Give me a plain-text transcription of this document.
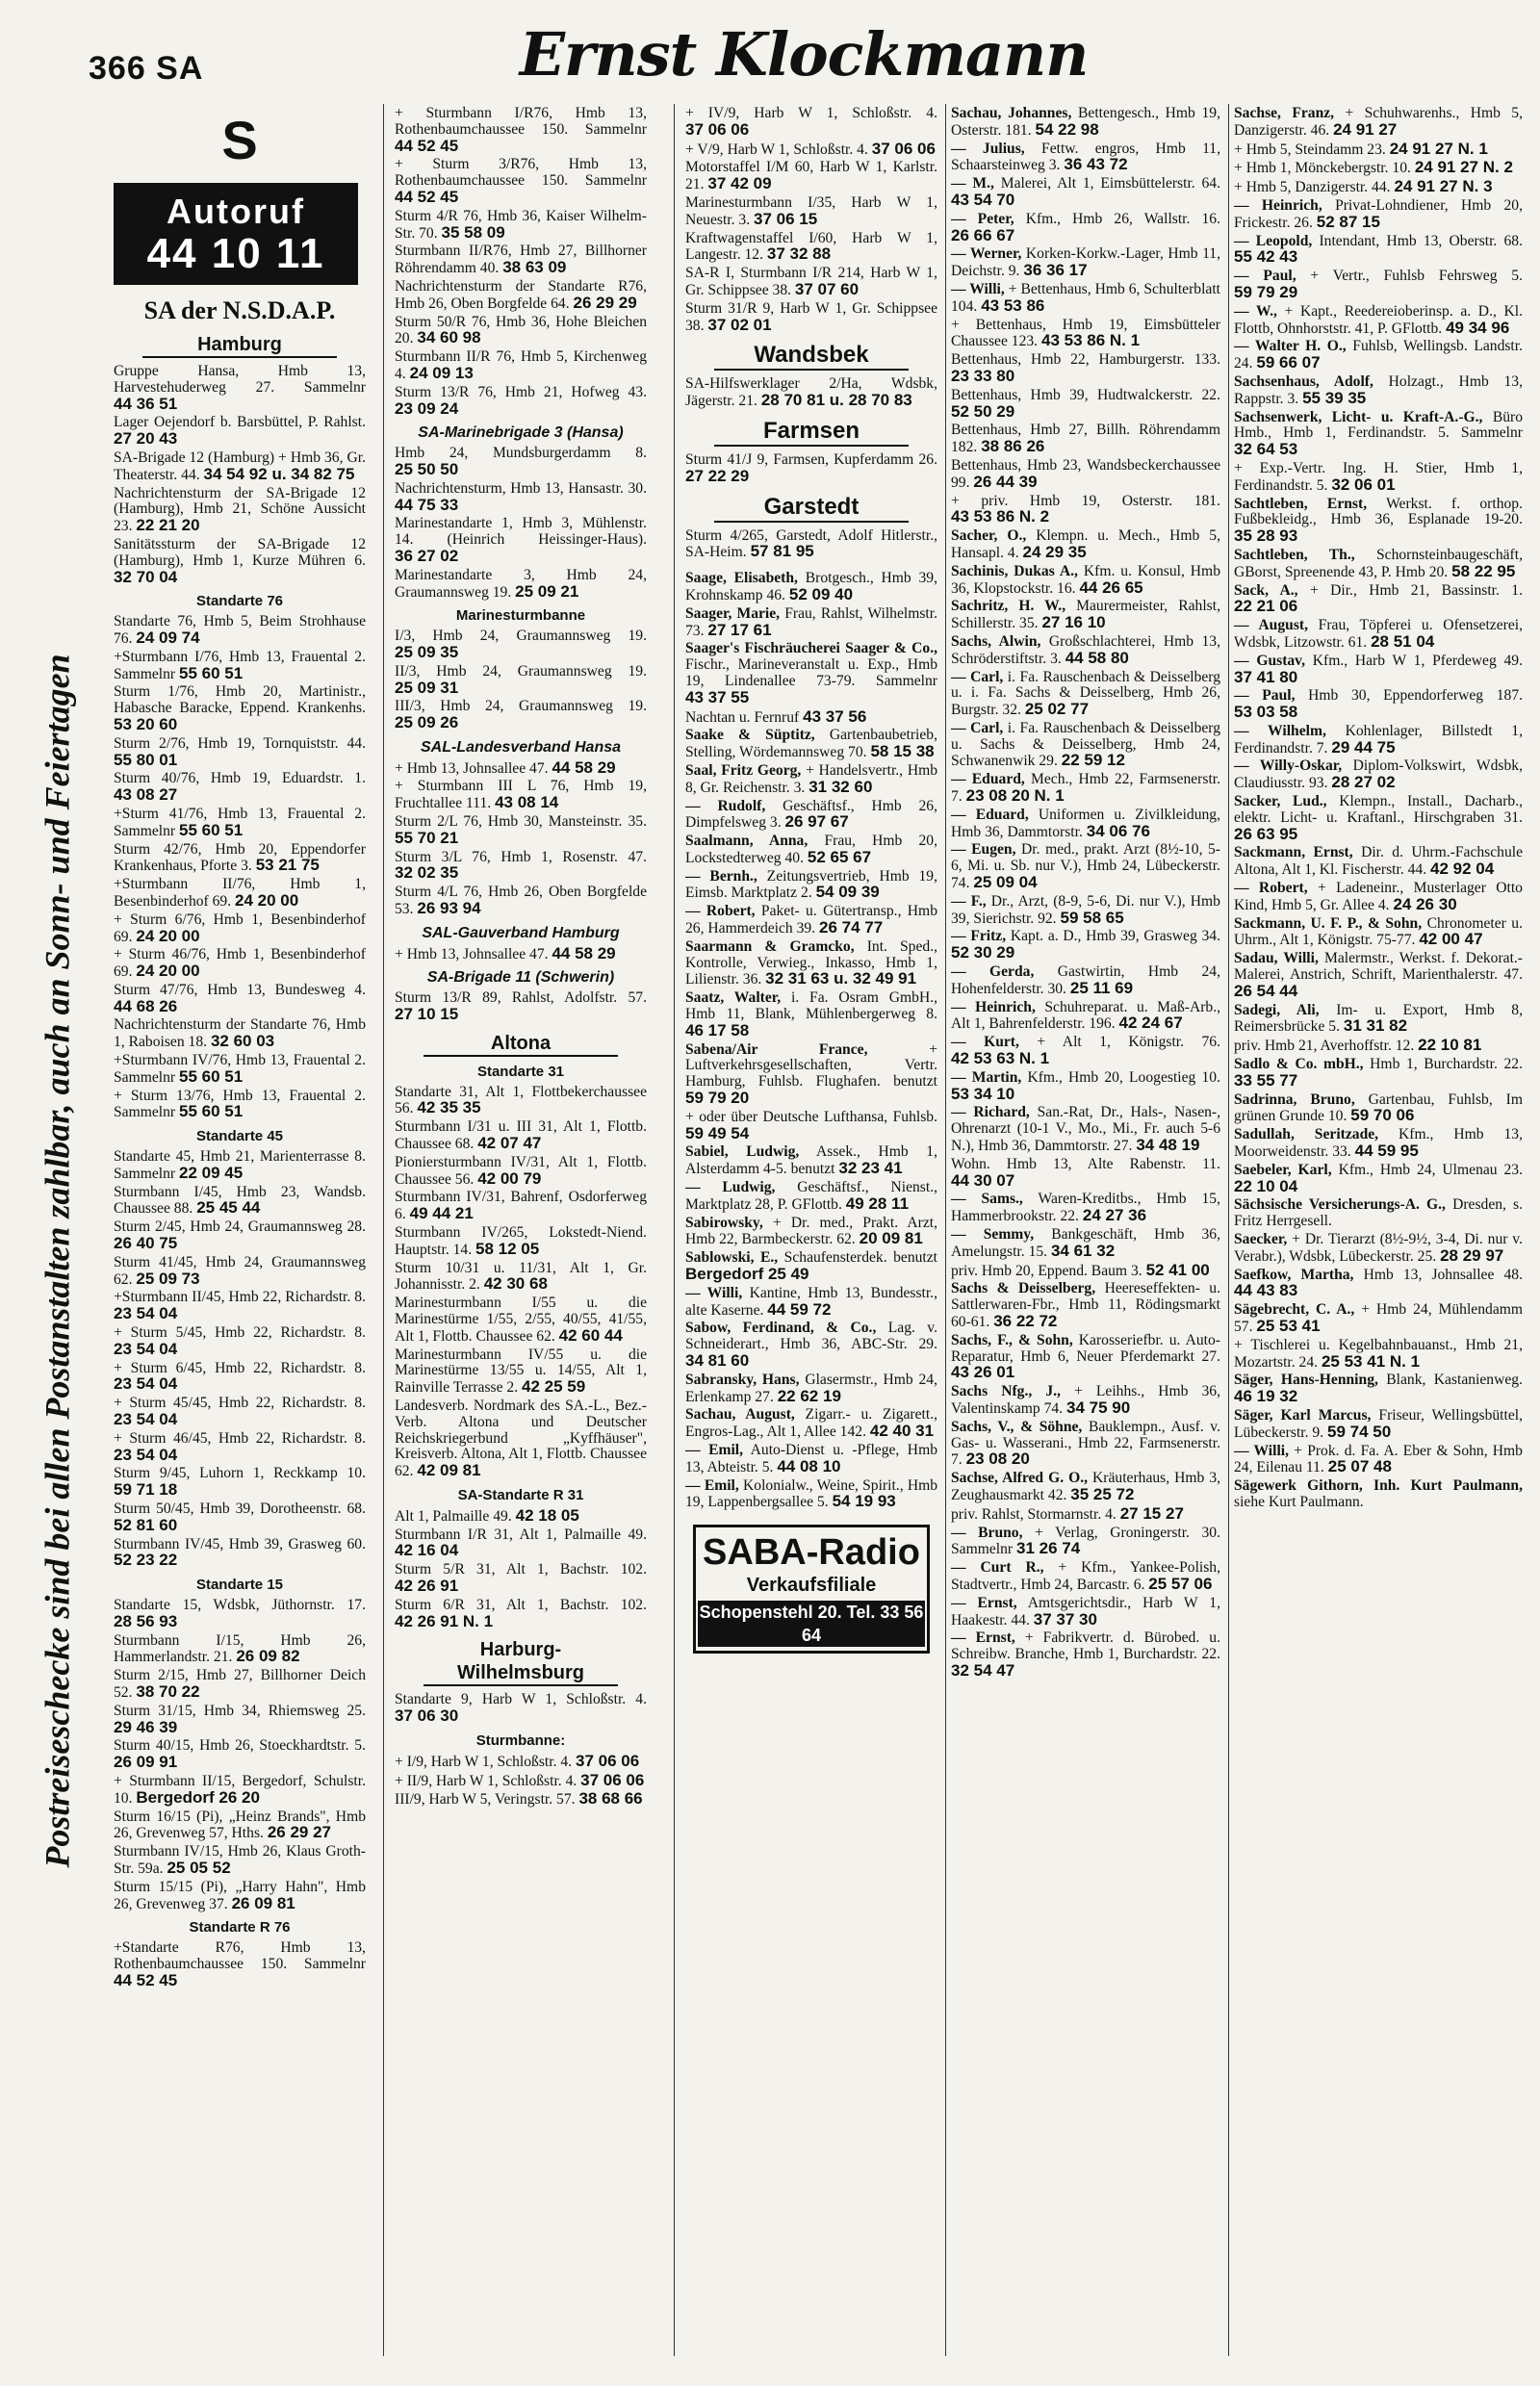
366 SA	Ernst Klockmann
Postreiseschecke sind bei allen Postanstalten zahlbar, auch an Sonn- und Feiertagen
S
Autoruf
44 10 11
SA der N.S.D.A.P.
Hamburg
Gruppe Hansa, Hmb 13, Harvestehuderweg 27. Sammelnr 44 36 51
Lager Oejendorf b. Barsbüttel, P. Rahlst. 27 20 43
SA-Brigade 12 (Hamburg) + Hmb 36, Gr. Theaterstr. 44. 34 54 92 u. 34 82 75
Nachrichtensturm der SA-Brigade 12 (Hamburg), Hmb 21, Schöne Aussicht 23. 22 21 20
Sanitätssturm der SA-Brigade 12 (Hamburg), Hmb 1, Kurze Mühren 6. 32 70 04
Standarte 76
Standarte 76, Hmb 5, Beim Strohhause 76. 24 09 74
+Sturmbann I/76, Hmb 13, Frauental 2. Sammelnr 55 60 51
Sturm 1/76, Hmb 20, Martinistr., Habasche Baracke, Eppend. Krankenhs. 53 20 60
Sturm 2/76, Hmb 19, Tornquiststr. 44. 55 80 01
Sturm 40/76, Hmb 19, Eduardstr. 1. 43 08 27
+Sturm 41/76, Hmb 13, Frauental 2. Sammelnr 55 60 51
Sturm 42/76, Hmb 20, Eppendorfer Krankenhaus, Pforte 3. 53 21 75
+Sturmbann II/76, Hmb 1, Besenbinderhof 69. 24 20 00
+ Sturm 6/76, Hmb 1, Besenbinderhof 69. 24 20 00
+ Sturm 46/76, Hmb 1, Besenbinderhof 69. 24 20 00
Sturm 47/76, Hmb 13, Bundesweg 4. 44 68 26
Nachrichtensturm der Standarte 76, Hmb 1, Raboisen 18. 32 60 03
+Sturmbann IV/76, Hmb 13, Frauental 2. Sammelnr 55 60 51
+ Sturm 13/76, Hmb 13, Frauental 2. Sammelnr 55 60 51
Standarte 45
Standarte 45, Hmb 21, Marienterrasse 8. Sammelnr 22 09 45
Sturmbann I/45, Hmb 23, Wandsb. Chaussee 88. 25 45 44
Sturm 2/45, Hmb 24, Graumannsweg 28. 26 40 75
Sturm 41/45, Hmb 24, Graumannsweg 62. 25 09 73
+Sturmbann II/45, Hmb 22, Richardstr. 8. 23 54 04
+ Sturm 5/45, Hmb 22, Richardstr. 8. 23 54 04
+ Sturm 6/45, Hmb 22, Richardstr. 8. 23 54 04
+ Sturm 45/45, Hmb 22, Richardstr. 8. 23 54 04
+ Sturm 46/45, Hmb 22, Richardstr. 8. 23 54 04
Sturm 9/45, Luhorn 1, Reckkamp 10. 59 71 18
Sturm 50/45, Hmb 39, Dorotheenstr. 68. 52 81 60
Sturmbann IV/45, Hmb 39, Grasweg 60. 52 23 22
Standarte 15
Standarte 15, Wdsbk, Jüthornstr. 17. 28 56 93
Sturmbann I/15, Hmb 26, Hammerlandstr. 21. 26 09 82
Sturm 2/15, Hmb 27, Billhorner Deich 52. 38 70 22
Sturm 31/15, Hmb 34, Rhiemsweg 25. 29 46 39
Sturm 40/15, Hmb 26, Stoeckhardtstr. 5. 26 09 91
+ Sturmbann II/15, Bergedorf, Schulstr. 10. Bergedorf 26 20
Sturm 16/15 (Pi), „Heinz Brands", Hmb 26, Grevenweg 57, Hths. 26 29 27
Sturmbann IV/15, Hmb 26, Klaus Groth-Str. 59a. 25 05 52
Sturm 15/15 (Pi), „Harry Hahn", Hmb 26, Grevenweg 37. 26 09 81
Standarte R 76
+Standarte R76, Hmb 13, Rothenbaumchaussee 150. Sammelnr 44 52 45
+ Sturmbann I/R76, Hmb 13, Rothenbaumchaussee 150. Sammelnr 44 52 45
+ Sturm 3/R76, Hmb 13, Rothenbaumchaussee 150. Sammelnr 44 52 45
Sturm 4/R 76, Hmb 36, Kaiser Wilhelm-Str. 70. 35 58 09
Sturmbann II/R76, Hmb 27, Billhorner Röhrendamm 40. 38 63 09
Nachrichtensturm der Standarte R76, Hmb 26, Oben Borgfelde 64. 26 29 29
Sturm 50/R 76, Hmb 36, Hohe Bleichen 20. 34 60 98
Sturmbann II/R 76, Hmb 5, Kirchenweg 4. 24 09 13
Sturm 13/R 76, Hmb 21, Hofweg 43. 23 09 24
SA-Marinebrigade 3 (Hansa)
Hmb 24, Mundsburgerdamm 8. 25 50 50
Nachrichtensturm, Hmb 13, Hansastr. 30. 44 75 33
Marinestandarte 1, Hmb 3, Mühlenstr. 14. (Heinrich Heissinger-Haus). 36 27 02
Marinestandarte 3, Hmb 24, Graumannsweg 19. 25 09 21
Marinesturmbanne
I/3, Hmb 24, Graumannsweg 19. 25 09 35
II/3, Hmb 24, Graumannsweg 19. 25 09 31
III/3, Hmb 24, Graumannsweg 19. 25 09 26
SAL-Landesverband Hansa
+ Hmb 13, Johnsallee 47. 44 58 29
+ Sturmbann III L 76, Hmb 19, Fruchtallee 111. 43 08 14
Sturm 2/L 76, Hmb 30, Mansteinstr. 35. 55 70 21
Sturm 3/L 76, Hmb 1, Rosenstr. 47. 32 02 35
Sturm 4/L 76, Hmb 26, Oben Borgfelde 53. 26 93 94
SAL-Gauverband Hamburg
+ Hmb 13, Johnsallee 47. 44 58 29
SA-Brigade 11 (Schwerin)
Sturm 13/R 89, Rahlst, Adolfstr. 57. 27 10 15
Altona
Standarte 31
Standarte 31, Alt 1, Flottbekerchaussee 56. 42 35 35
Sturmbann I/31 u. III 31, Alt 1, Flottb. Chaussee 68. 42 07 47
Pioniersturmbann IV/31, Alt 1, Flottb. Chaussee 56. 42 00 79
Sturmbann IV/31, Bahrenf, Osdorferweg 6. 49 44 21
Sturmbann IV/265, Lokstedt-Niend. Hauptstr. 14. 58 12 05
Sturm 10/31 u. 11/31, Alt 1, Gr. Johannisstr. 2. 42 30 68
Marinesturmbann I/55 u. die Marinestürme 1/55, 2/55, 40/55, 41/55, Alt 1, Flottb. Chaussee 62. 42 60 44
Marinesturmbann IV/55 u. die Marinestürme 13/55 u. 14/55, Alt 1, Rainville Terrasse 2. 42 25 59
Landesverb. Nordmark des SA.-L., Bez.-Verb. Altona und Deutscher Reichskriegerbund „Kyffhäuser", Kreisverb. Altona, Alt 1, Flottb. Chaussee 62. 42 09 81
SA-Standarte R 31
Alt 1, Palmaille 49. 42 18 05
Sturmbann I/R 31, Alt 1, Palmaille 49. 42 16 04
Sturm 5/R 31, Alt 1, Bachstr. 102. 42 26 91
Sturm 6/R 31, Alt 1, Bachstr. 102. 42 26 91 N. 1
Harburg-Wilhelmsburg
Standarte 9, Harb W 1, Schloßstr. 4. 37 06 30
Sturmbanne:
+ I/9, Harb W 1, Schloßstr. 4. 37 06 06
+ II/9, Harb W 1, Schloßstr. 4. 37 06 06
III/9, Harb W 5, Veringstr. 57. 38 68 66
+ IV/9, Harb W 1, Schloßstr. 4. 37 06 06
+ V/9, Harb W 1, Schloßstr. 4. 37 06 06
Motorstaffel I/M 60, Harb W 1, Karlstr. 21. 37 42 09
Marinesturmbann I/35, Harb W 1, Neuestr. 3. 37 06 15
Kraftwagenstaffel I/60, Harb W 1, Langestr. 12. 37 32 88
SA-R I, Sturmbann I/R 214, Harb W 1, Gr. Schippsee 38. 37 07 60
Sturm 31/R 9, Harb W 1, Gr. Schippsee 38. 37 02 01
Wandsbek
SA-Hilfswerklager 2/Ha, Wdsbk, Jägerstr. 21. 28 70 81 u. 28 70 83
Farmsen
Sturm 41/J 9, Farmsen, Kupferdamm 26. 27 22 29
Garstedt
Sturm 4/265, Garstedt, Adolf Hitlerstr., SA-Heim. 57 81 95
Saage, Elisabeth, Brotgesch., Hmb 39, Krohnskamp 46. 52 09 40
Saager, Marie, Frau, Rahlst, Wilhelmstr. 73. 27 17 61
Saager's Fischräucherei Saager & Co., Fischr., Marineveranstalt u. Exp., Hmb 19, Lindenallee 73-79. Sammelnr 43 37 55
Nachtan u. Fernruf 43 37 56
Saake & Süptitz, Gartenbaubetrieb, Stelling, Wördemannsweg 70. 58 15 38
Saal, Fritz Georg, + Handelsvertr., Hmb 8, Gr. Reichenstr. 3. 31 32 60
— Rudolf, Geschäftsf., Hmb 26, Dimpfelsweg 3. 26 97 67
Saalmann, Anna, Frau, Hmb 20, Lockstedterweg 40. 52 65 67
— Bernh., Zeitungsvertrieb, Hmb 19, Eimsb. Marktplatz 2. 54 09 39
— Robert, Paket- u. Gütertransp., Hmb 26, Hammerdeich 39. 26 74 77
Saarmann & Gramcko, Int. Sped., Kontrolle, Verwieg., Inkasso, Hmb 1, Lilienstr. 36. 32 31 63 u. 32 49 91
Saatz, Walter, i. Fa. Osram GmbH., Hmb 11, Blank, Mühlenbergerweg 8. 46 17 58
Sabena/Air France,	+ Luftverkehrsgesellschaften, Vertr. Hamburg, Fuhlsb. Flughafen. benutzt 59 79 20
+ oder über Deutsche Lufthansa, Fuhlsb. 59 49 54
Sabiel, Ludwig, Assek., Hmb 1, Alsterdamm 4-5. benutzt 32 23 41
— Ludwig, Geschäftsf., Nienst., Marktplatz 28, P. GFlottb. 49 28 11
Sabirowsky, + Dr. med., Prakt. Arzt, Hmb 22, Barmbeckerstr. 62. 20 09 81
Sablowski, E., Schaufensterdek. benutzt Bergedorf 25 49
— Willi, Kantine, Hmb 13, Bundesstr., alte Kaserne. 44 59 72
Sabow, Ferdinand, & Co., Lag. v. Schneiderart., Hmb 36, ABC-Str. 29. 34 81 60
Sabransky, Hans, Glasermstr., Hmb 24, Erlenkamp 27. 22 62 19
Sachau, August, Zigarr.- u. Zigarett., Engros-Lag., Alt 1, Allee 142. 42 40 31
— Emil, Auto-Dienst u. -Pflege, Hmb 13, Abteistr. 5. 44 08 10
— Emil, Kolonialw., Weine, Spirit., Hmb 19, Lappenbergsallee 5. 54 19 93
SABA-Radio
Verkaufsfiliale
Schopenstehl 20. Tel. 33 56 64
Sachau, Johannes, Bettengesch., Hmb 19, Osterstr. 181. 54 22 98
— Julius, Fettw. engros, Hmb 11, Schaarsteinweg 3. 36 43 72
— M., Malerei, Alt 1, Eimsbüttelerstr. 64. 43 54 70
— Peter, Kfm., Hmb 26, Wallstr. 16. 26 66 67
— Werner, Korken-Korkw.-Lager, Hmb 11, Deichstr. 9. 36 36 17
— Willi, + Bettenhaus, Hmb 6, Schulterblatt 104. 43 53 86
+ Bettenhaus, Hmb 19, Eimsbütteler Chaussee 123. 43 53 86 N. 1
Bettenhaus, Hmb 22, Hamburgerstr. 133. 23 33 80
Bettenhaus, Hmb 39, Hudtwalckerstr. 22. 52 50 29
Bettenhaus, Hmb 27, Billh. Röhrendamm 182. 38 86 26
Bettenhaus, Hmb 23, Wandsbeckerchaussee 99. 26 44 39
+ priv. Hmb 19, Osterstr. 181. 43 53 86 N. 2
Sacher, O., Klempn. u. Mech., Hmb 5, Hansapl. 4. 24 29 35
Sachinis, Dukas A., Kfm. u. Konsul, Hmb 36, Klopstockstr. 16. 44 26 65
Sachritz, H. W., Maurermeister, Rahlst, Schillerstr. 35. 27 16 10
Sachs, Alwin, Großschlachterei, Hmb 13, Schröderstiftstr. 3. 44 58 80
— Carl, i. Fa. Rauschenbach & Deisselberg u. i. Fa. Sachs & Deisselberg, Hmb 26, Burgstr. 32. 25 02 77
— Carl, i. Fa. Rauschenbach & Deisselberg u. Sachs & Deisselberg, Hmb 24, Schwanenwik 29. 22 59 12
— Eduard, Mech., Hmb 22, Farmsenerstr. 7. 23 08 20 N. 1
— Eduard, Uniformen u. Zivilkleidung, Hmb 36, Dammtorstr. 34 06 76
— Eugen, Dr. med., prakt. Arzt (8½-10, 5-6, Mi. u. Sb. nur V.), Hmb 24, Lübeckerstr. 74. 25 09 04
— F., Dr., Arzt, (8-9, 5-6, Di. nur V.), Hmb 39, Sierichstr. 92. 59 58 65
— Fritz, Kapt. a. D., Hmb 39, Grasweg 34. 52 30 29
— Gerda, Gastwirtin, Hmb 24, Hohenfelderstr. 30. 25 11 69
— Heinrich, Schuhreparat. u. Maß-Arb., Alt 1, Bahrenfelderstr. 196. 42 24 67
— Kurt, + Alt 1, Königstr. 76. 42 53 63 N. 1
— Martin, Kfm., Hmb 20, Loogestieg 10. 53 34 10
— Richard, San.-Rat, Dr., Hals-, Nasen-, Ohrenarzt (10-1 V., Mo., Mi., Fr. auch 5-6 N.), Hmb 36, Dammtorstr. 27. 34 48 19
Wohn. Hmb 13, Alte Rabenstr. 11. 44 30 07
— Sams., Waren-Kreditbs., Hmb 15, Hammerbrookstr. 22. 24 27 36
— Semmy, Bankgeschäft, Hmb 36, Amelungstr. 15. 34 61 32
priv. Hmb 20, Eppend. Baum 3. 52 41 00
Sachs & Deisselberg, Heereseffekten- u. Sattlerwaren-Fbr., Hmb 11, Rödingsmarkt 60-61. 36 22 72
Sachs, F., & Sohn, Karosseriefbr. u. Auto-Reparatur, Hmb 6, Neuer Pferdemarkt 27. 43 26 01
Sachs Nfg., J., + Leihhs., Hmb 36, Valentinskamp 74. 34 75 90
Sachs, V., & Söhne, Bauklempn., Ausf. v. Gas- u. Wasserani., Hmb 22, Farmsenerstr. 7. 23 08 20
Sachse, Alfred G. O., Kräuterhaus, Hmb 3, Zeughausmarkt 42. 35 25 72
priv. Rahlst, Stormarnstr. 4. 27 15 27
— Bruno, + Verlag, Groningerstr. 30. Sammelnr 31 26 74
— Curt R., + Kfm., Yankee-Polish, Stadtvertr., Hmb 24, Barcastr. 6. 25 57 06
— Ernst, Amtsgerichtsdir., Harb W 1, Haakestr. 44. 37 37 30
— Ernst, + Fabrikvertr. d. Bürobed. u. Schreibw. Branche, Hmb 1, Burchardstr. 22. 32 54 47
Sachse, Franz, + Schuhwarenhs., Hmb 5, Danzigerstr. 46. 24 91 27
+ Hmb 5, Steindamm 23. 24 91 27 N. 1
+ Hmb 1, Mönckebergstr. 10. 24 91 27 N. 2
+ Hmb 5, Danzigerstr. 44. 24 91 27 N. 3
— Heinrich, Privat-Lohndiener, Hmb 20, Frickestr. 26. 52 87 15
— Leopold, Intendant, Hmb 13, Oberstr. 68. 55 42 43
— Paul, + Vertr., Fuhlsb Fehrsweg 5. 59 79 29
— W., + Kapt., Reedereioberinsp. a. D., Kl. Flottb, Ohnhorststr. 41, P. GFlottb. 49 34 96
— Walter H. O., Fuhlsb, Wellingsb. Landstr. 24. 59 66 07
Sachsenhaus, Adolf, Holzagt., Hmb 13, Rappstr. 3. 55 39 35
Sachsenwerk, Licht- u. Kraft-A.-G., Büro Hmb., Hmb 1, Ferdinandstr. 5. Sammelnr 32 64 53
+ Exp.-Vertr. Ing. H. Stier, Hmb 1, Ferdinandstr. 5. 32 06 01
Sachtleben, Ernst, Werkst. f. orthop. Fußbekleidg., Hmb 36, Esplanade 19-20. 35 28 93
Sachtleben, Th., Schornsteinbaugeschäft, GBorst, Spreenende 43, P. Hmb 20. 58 22 95
Sack, A., + Dir., Hmb 21, Bassinstr. 1. 22 21 06
— August, Frau, Töpferei u. Ofensetzerei, Wdsbk, Litzowstr. 61. 28 51 04
— Gustav, Kfm., Harb W 1, Pferdeweg 49. 37 41 80
— Paul, Hmb 30, Eppendorferweg 187. 53 03 58
— Wilhelm, Kohlenlager, Billstedt 1, Ferdinandstr. 7. 29 44 75
— Willy-Oskar, Diplom-Volkswirt, Wdsbk, Claudiusstr. 93. 28 27 02
Sacker, Lud., Klempn., Install., Dacharb., elektr. Licht- u. Kraftanl., Hirschgraben 31. 26 63 95
Sackmann, Ernst, Dir. d. Uhrm.-Fachschule Altona, Alt 1, Kl. Fischerstr. 44. 42 92 04
— Robert, + Ladeneinr., Musterlager Otto Kind, Hmb 5, Gr. Allee 4. 24 26 30
Sackmann, U. F. P., & Sohn, Chronometer u. Uhrm., Alt 1, Königstr. 75-77. 42 00 47
Sadau, Willi, Malermstr., Werkst. f. Dekorat.-Malerei, Anstrich, Schrift, Marienthalerstr. 47. 26 54 44
Sadegi, Ali, Im- u. Export, Hmb 8, Reimersbrücke 5. 31 31 82
priv. Hmb 21, Averhoffstr. 12. 22 10 81
Sadlo & Co. mbH., Hmb 1, Burchardstr. 22. 33 55 77
Sadrinna, Bruno, Gartenbau, Fuhlsb, Im grünen Grunde 10. 59 70 06
Sadullah, Seritzade, Kfm., Hmb 13, Moorweidenstr. 33. 44 59 95
Saebeler, Karl, Kfm., Hmb 24, Ulmenau 23. 22 10 04
Sächsische Versicherungs-A. G., Dresden, s. Fritz Herrgesell.
Saecker, + Dr. Tierarzt (8½-9½, 3-4, Di. nur v. Verabr.), Wdsbk, Lübeckerstr. 25. 28 29 97
Saefkow, Martha, Hmb 13, Johnsallee 48. 44 43 83
Sägebrecht, C. A., + Hmb 24, Mühlendamm 57. 25 53 41
+ Tischlerei u. Kegelbahnbauanst., Hmb 21, Mozartstr. 24. 25 53 41 N. 1
Säger, Hans-Henning, Blank, Kastanienweg. 46 19 32
Säger, Karl Marcus, Friseur, Wellingsbüttel, Lübeckerstr. 9. 59 74 50
— Willi, + Prok. d. Fa. A. Eber & Sohn, Hmb 24, Eilenau 11. 25 07 48
Sägewerk Githorn, Inh. Kurt Paulmann, siehe Kurt Paulmann.
